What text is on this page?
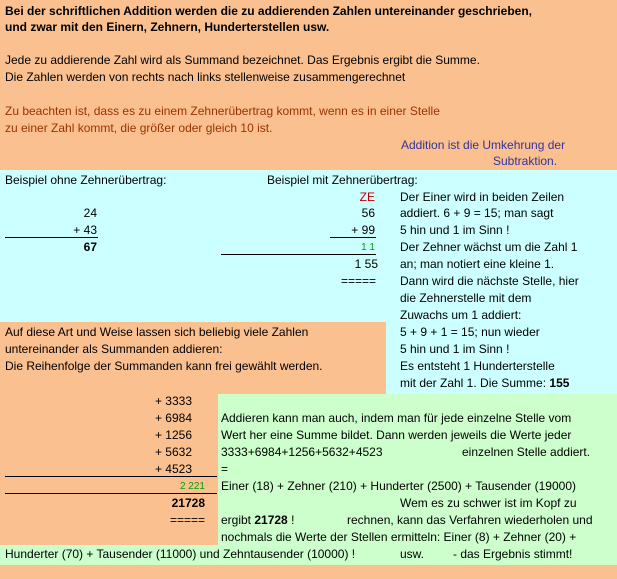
Bei der schriftlichen Addition werden die zu addierenden Zahlen untereinander geschrieben,
und zwar mit den Einern, Zehnern, Hunderterstellen usw.
Jede zu addierende Zahl wird als Summand bezeichnet. Das Ergebnis ergibt die Summe.
Die Zahlen werden von rechts nach links stellenweise zusammengerechnet
Zu beachten ist, dass es zu einem Zehnerübertrag kommt, wenn es in einer Stelle
zu einer Zahl kommt, die größer oder gleich 10 ist.
Addition ist die Umkehrung der
Subtraktion.
Beispiel ohne Zehnerübertrag:
24
+ 43
67
Beispiel mit Zehnerübertrag:
ZE
56
+ 99
1 1
1 55
=====
Der Einer wird in beiden Zeilen
addiert. 6 + 9 = 15; man sagt
5 hin und 1 im Sinn !
Der Zehner wächst um die Zahl 1
an; man notiert eine kleine 1.
Dann wird die nächste Stelle, hier
die Zehnerstelle mit dem
Zuwachs um 1 addiert:
5 + 9 + 1 = 15; nun wieder
5 hin und 1 im Sinn !
Es entsteht 1 Hunderterstelle
mit der Zahl 1. Die Summe: 155
Auf diese Art und Weise lassen sich beliebig viele Zahlen
untereinander als Summanden addieren:
Die Reihenfolge der Summanden kann frei gewählt werden.
+ 3333
+ 6984
+ 1256
+ 5632
+ 4523
2 221
21728
=====
Addieren kann man auch, indem man für jede einzelne Stelle vom
Wert her eine Summe bildet. Dann werden jeweils die Werte jeder
3333+6984+1256+5632+4523	einzelnen Stelle addiert.
=
Einer (18) + Zehner (210) + Hunderter (2500) + Tausender (19000)
Wem es zu schwer ist im Kopf zu
ergibt 21728 !	rechnen, kann das Verfahren wiederholen und
nochmals die Werte der Stellen ermitteln: Einer (8) + Zehner (20) +
Hunderter (70) + Tausender (11000) und Zehntausender (10000) !	usw. - das Ergebnis stimmt!
